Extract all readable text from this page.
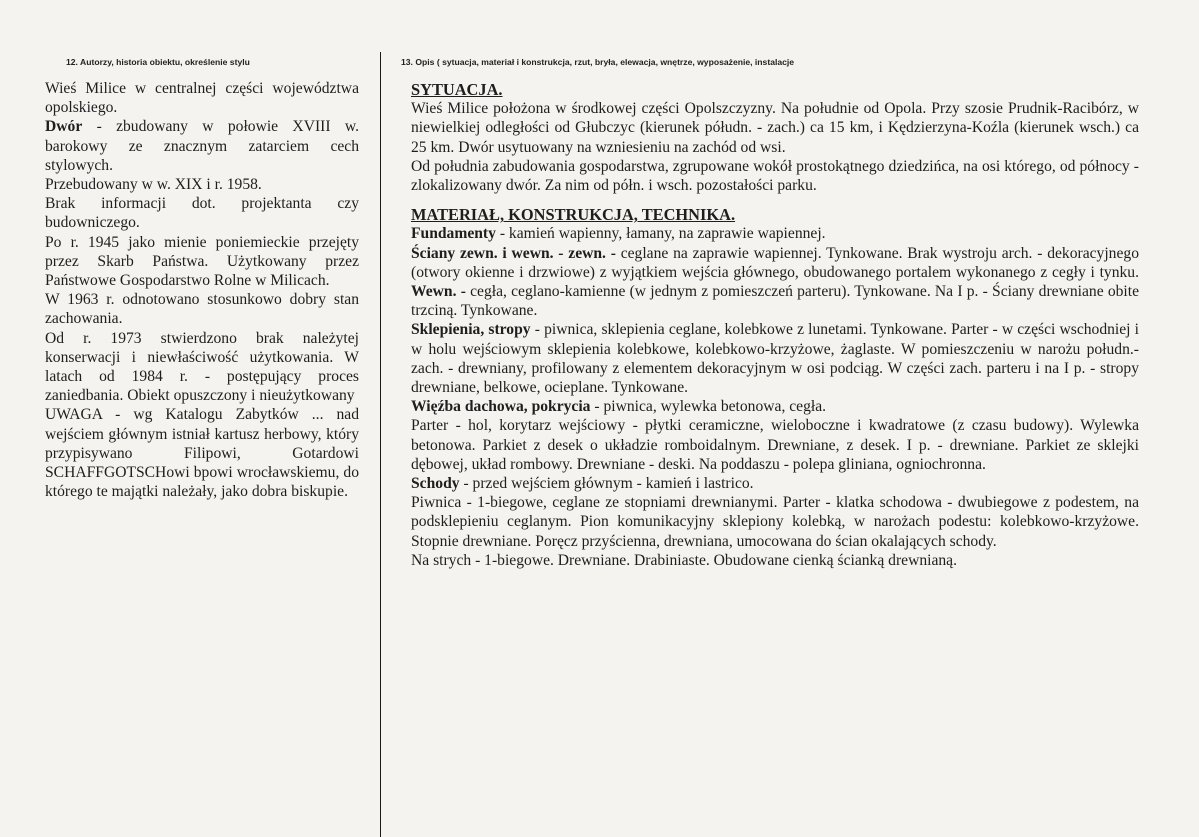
12. Autorzy, historia obiektu, określenie stylu	13. Opis ( sytuacja, materiał i konstrukcja, rzut, bryła, elewacja, wnętrze, wyposażenie, instalacje

Wieś Milice w centralnej części województwa opolskiego.

Dwór - zbudowany w połowie XVIII w. barokowy ze znacznym zatarciem cech stylowych.

Przebudowany w w. XIX i r. 1958.

Brak informacji dot. projektanta czy budowniczego.

Po r. 1945 jako mienie poniemieckie przejęty przez Skarb Państwa. Użytkowany przez Państwowe Gospodarstwo Rolne w Milicach.

W 1963 r. odnotowano stosunkowo dobry stan zachowania.

Od r. 1973 stwierdzono brak należytej konserwacji i niewłaściwość użytkowania. W latach od 1984 r. - postępujący proces zaniedbania. Obiekt opuszczony i nieużytkowany

UWAGA - wg Katalogu Zabytków ... nad wejściem głównym istniał kartusz herbowy, który przypisywano Filipowi, Gotardowi SCHAFFGOTSCHowi bpowi wrocławskiemu, do którego te majątki należały, jako dobra biskupie.

SYTUACJA.

Wieś Milice położona w środkowej części Opolszczyzny. Na południe od Opola. Przy szosie Prudnik-Racibórz, w niewielkiej odległości od Głubczyc (kierunek półudn. - zach.) ca 15 km, i Kędzierzyna-Koźla (kierunek wsch.) ca 25 km. Dwór usytuowany na wzniesieniu na zachód od wsi.

Od południa zabudowania gospodarstwa, zgrupowane wokół prostokątnego dziedzińca, na osi którego, od północy - zlokalizowany dwór. Za nim od półn. i wsch. pozostałości parku.

MATERIAŁ, KONSTRUKCJA, TECHNIKA.

Fundamenty - kamień wapienny, łamany, na zaprawie wapiennej.

Ściany zewn. i wewn. - zewn. - ceglane na zaprawie wapiennej. Tynkowane. Brak wystroju arch. - dekoracyjnego (otwory okienne i drzwiowe) z wyjątkiem wejścia głównego, obudowanego portalem wykonanego z cegły i tynku. Wewn. - cegła, ceglano-kamienne (w jednym z pomieszczeń parteru). Tynkowane. Na I p. - Ściany drewniane obite trzciną. Tynkowane.

Sklepienia, stropy - piwnica, sklepienia ceglane, kolebkowe z lunetami. Tynkowane. Parter - w części wschodniej i w holu wejściowym sklepienia kolebkowe, kolebkowo-krzyżowe, żaglaste. W pomieszczeniu w narożu połudn.-zach. - drewniany, profilowany z elementem dekoracyjnym w osi podciąg. W części zach. parteru i na I p. - stropy drewniane, belkowe, ocieplane. Tynkowane.

Więźba dachowa, pokrycia - piwnica, wylewka betonowa, cegła.

Parter - hol, korytarz wejściowy - płytki ceramiczne, wieloboczne i kwadratowe (z czasu budowy). Wylewka betonowa. Parkiet z desek o układzie romboidalnym. Drewniane, z desek. I p. - drewniane. Parkiet ze sklejki dębowej, układ rombowy. Drewniane - deski. Na poddaszu - polepa gliniana, ogniochronna.

Schody - przed wejściem głównym - kamień i lastrico.

Piwnica - 1-biegowe, ceglane ze stopniami drewnianymi. Parter - klatka schodowa - dwubiegowe z podestem, na podsklepieniu ceglanym. Pion komunikacyjny sklepiony kolebką, w narożach podestu: kolebkowo-krzyżowe. Stopnie drewniane. Poręcz przyścienna, drewniana, umocowana do ścian okalających schody.

Na strych - 1-biegowe. Drewniane. Drabiniaste. Obudowane cienką ścianką drewnianą.
